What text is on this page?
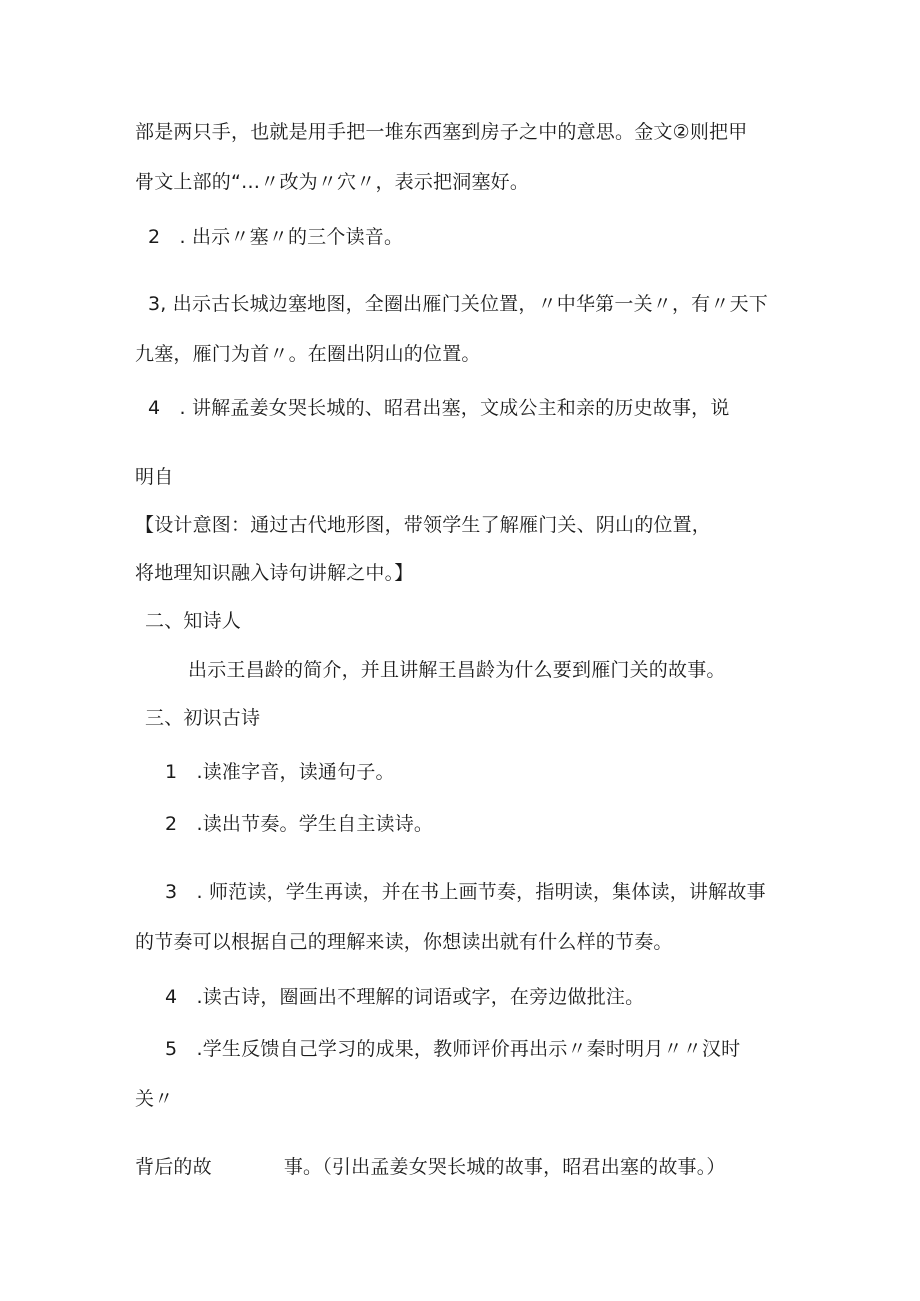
部是两只手，也就是用手把一堆东西塞到房子之中的意思。金文②则把甲
骨文上部的“…〃改为〃穴〃，表示把洞塞好。
2　. 出示〃塞〃的三个读音。
3, 出示古长城边塞地图，全圈出雁门关位置，〃中华第一关〃，有〃天下
九塞，雁门为首〃。在圈出阴山的位置。
4　. 讲解孟姜女哭长城的、昭君出塞，文成公主和亲的历史故事，说
明自
【设计意图：通过古代地形图，带领学生了解雁门关、阴山的位置，
将地理知识融入诗句讲解之中。】
二、知诗人
出示王昌龄的简介，并且讲解王昌龄为什么要到雁门关的故事。
三、初识古诗
1　.读准字音，读通句子。
2　.读出节奏。学生自主读诗。
3　. 师范读，学生再读，并在书上画节奏，指明读，集体读，讲解故事
的节奏可以根据自己的理解来读，你想读出就有什么样的节奏。
4　.读古诗，圈画出不理解的词语或字，在旁边做批注。
5　.学生反馈自己学习的成果，教师评价再出示〃秦时明月〃〃汉时
关〃
背后的故	事。（引出孟姜女哭长城的故事，昭君出塞的故事。）
